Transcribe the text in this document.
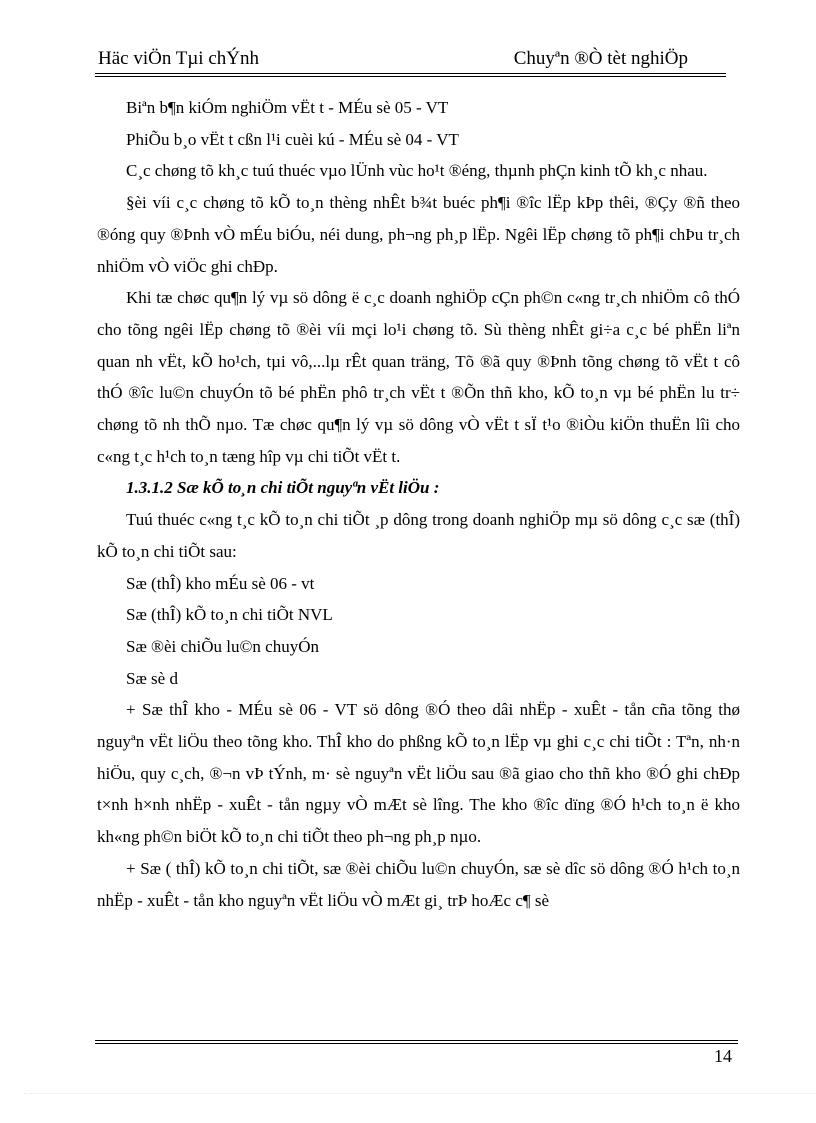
Häc viÖn Tµi chÝnh	Chuyªn ®Ò tèt nghiÖp

Biªn b¶n kiÓm nghiÖm vËt t - MÉu sè 05 - VT

PhiÕu b¸o vËt t cßn l¹i cuèi kú - MÉu sè 04 - VT

C¸c chøng tõ kh¸c tuú thuéc vµo lÜnh vùc ho¹t ®éng, thµnh phÇn kinh tÕ kh¸c nhau.

§èi víi c¸c chøng tõ kÕ to¸n thèng nhÊt b¾t buéc ph¶i ®îc lËp kÞp thêi, ®Çy ®ñ theo ®óng quy ®Þnh vÒ mÉu biÓu, néi dung, ph¬ng ph¸p lËp. Ngêi lËp chøng tõ ph¶i chÞu tr¸ch nhiÖm vÒ viÖc ghi chÐp.

Khi tæ chøc qu¶n lý vµ sö dông ë c¸c doanh nghiÖp cÇn ph©n c«ng tr¸ch nhiÖm cô thÓ cho tõng ngêi lËp chøng tõ ®èi víi mçi lo¹i chøng tõ. Sù thèng nhÊt gi÷a c¸c bé phËn liªn quan nh vËt, kÕ ho¹ch, tµi vô,...lµ rÊt quan träng, Tõ ®ã quy ®Þnh tõng chøng tõ vËt t cô thÓ ®îc lu©n chuyÓn tõ bé phËn phô tr¸ch vËt t ®Õn thñ kho, kÕ to¸n vµ bé phËn lu tr÷ chøng tõ nh thÕ nµo. Tæ chøc qu¶n lý vµ sö dông vÒ vËt t sÏ t¹o ®iÒu kiÖn thuËn lîi cho c«ng t¸c h¹ch to¸n tæng hîp vµ chi tiÕt vËt t.

1.3.1.2 Sæ kÕ to¸n chi tiÕt nguyªn vËt liÖu :

Tuú thuéc c«ng t¸c kÕ to¸n chi tiÕt ¸p dông trong doanh nghiÖp mµ sö dông c¸c sæ (thÎ) kÕ to¸n chi tiÕt sau:

Sæ (thÎ) kho mÉu sè 06 - vt

Sæ (thÎ) kÕ to¸n chi tiÕt NVL

Sæ ®èi chiÕu lu©n chuyÓn

Sæ sè d

+ Sæ thÎ kho - MÉu sè 06 - VT sö dông ®Ó theo dâi nhËp - xuÊt - tån cña tõng thø nguyªn vËt liÖu theo tõng kho. ThÎ kho do phßng kÕ to¸n lËp vµ ghi c¸c chi tiÕt : Tªn, nh·n hiÖu, quy c¸ch, ®¬n vÞ tÝnh, m· sè nguyªn vËt liÖu sau ®ã giao cho thñ kho ®Ó ghi chÐp t×nh h×nh nhËp - xuÊt - tån ngµy vÒ mÆt sè lîng. The kho ®îc dïng ®Ó h¹ch to¸n ë kho kh«ng ph©n biÖt kÕ to¸n chi tiÕt theo ph¬ng ph¸p nµo.

+ Sæ ( thÎ) kÕ to¸n chi tiÕt, sæ ®èi chiÕu lu©n chuyÓn, sæ sè dîc sö dông ®Ó h¹ch to¸n nhËp - xuÊt - tån kho nguyªn vËt liÖu vÒ mÆt gi¸ trÞ hoÆc c¶ sè

14
